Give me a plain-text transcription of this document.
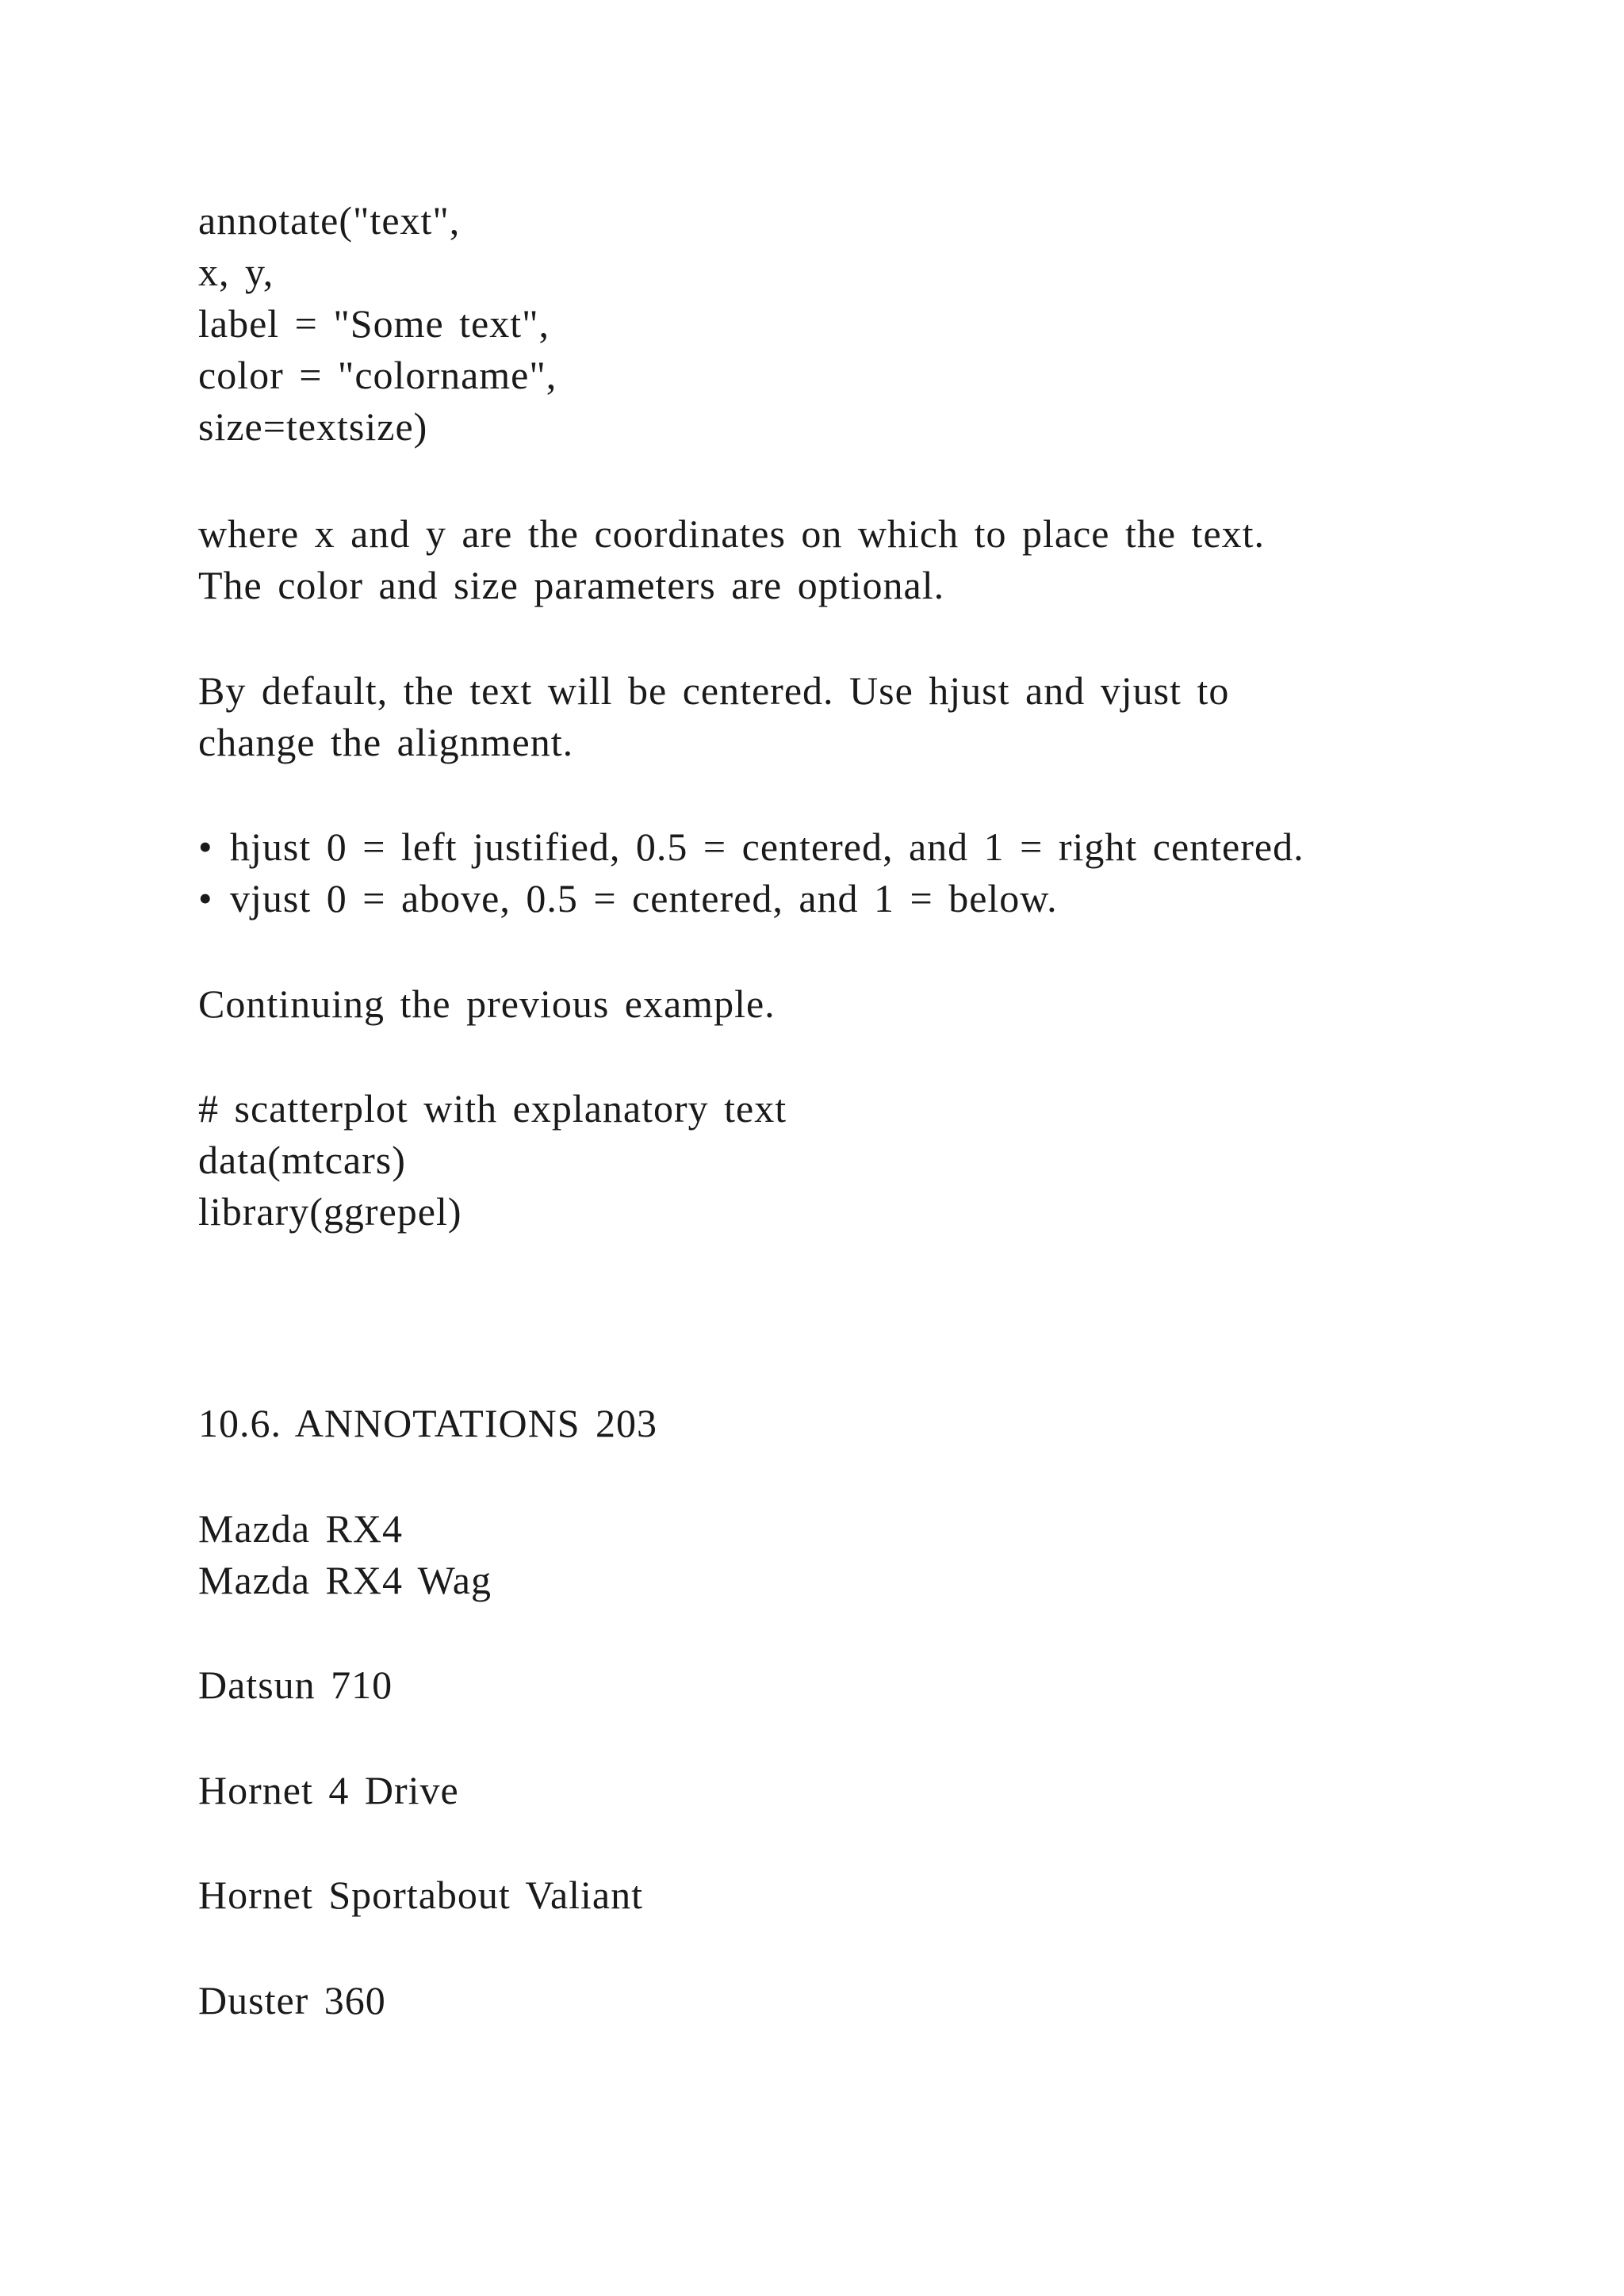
annotate("text",
x, y,
label = "Some text",
color = "colorname",
size=textsize)
where x and y are the coordinates on which to place the text.
The color and size parameters are optional.
By default, the text will be centered. Use hjust and vjust to
change the alignment.
• hjust 0 = left justified, 0.5 = centered, and 1 = right centered.
• vjust 0 = above, 0.5 = centered, and 1 = below.
Continuing the previous example.
# scatterplot with explanatory text
data(mtcars)
library(ggrepel)
10.6. ANNOTATIONS 203
Mazda RX4
Mazda RX4 Wag
Datsun 710
Hornet 4 Drive
Hornet Sportabout Valiant
Duster 360
